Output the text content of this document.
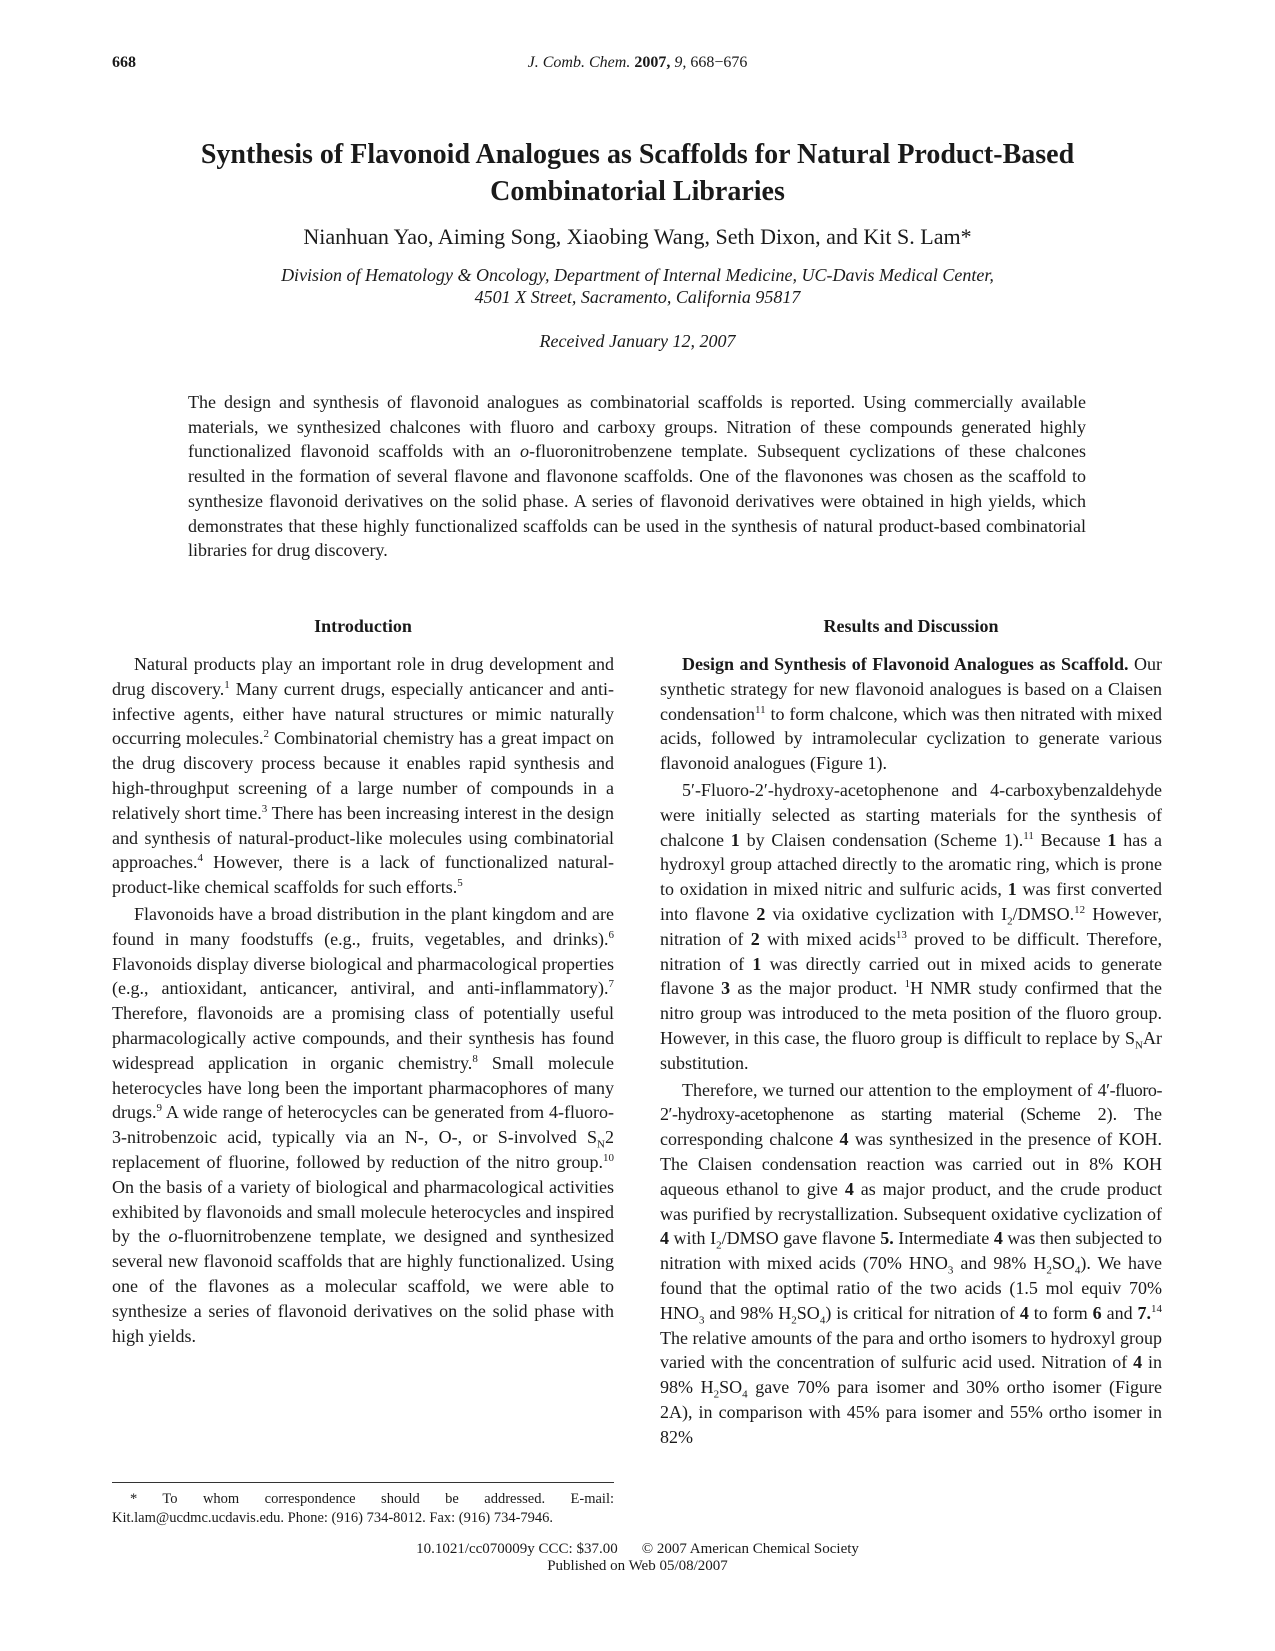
668	J. Comb. Chem. 2007, 9, 668−676
Synthesis of Flavonoid Analogues as Scaffolds for Natural Product-Based Combinatorial Libraries
Nianhuan Yao, Aiming Song, Xiaobing Wang, Seth Dixon, and Kit S. Lam*
Division of Hematology & Oncology, Department of Internal Medicine, UC-Davis Medical Center,
4501 X Street, Sacramento, California 95817
Received January 12, 2007

The design and synthesis of flavonoid analogues as combinatorial scaffolds is reported. Using commercially available materials, we synthesized chalcones with fluoro and carboxy groups. Nitration of these compounds generated highly functionalized flavonoid scaffolds with an o-fluoronitrobenzene template. Subsequent cyclizations of these chalcones resulted in the formation of several flavone and flavonone scaffolds. One of the flavonones was chosen as the scaffold to synthesize flavonoid derivatives on the solid phase. A series of flavonoid derivatives were obtained in high yields, which demonstrates that these highly functionalized scaffolds can be used in the synthesis of natural product-based combinatorial libraries for drug discovery.

Introduction

Natural products play an important role in drug development and drug discovery.$^1$ Many current drugs, especially anticancer and anti-infective agents, either have natural structures or mimic naturally occurring molecules.$^2$ Combinatorial chemistry has a great impact on the drug discovery process because it enables rapid synthesis and high-throughput screening of a large number of compounds in a relatively short time.$^3$ There has been increasing interest in the design and synthesis of natural-product-like molecules using combinatorial approaches.$^4$ However, there is a lack of functionalized natural-product-like chemical scaffolds for such efforts.$^5$

Flavonoids have a broad distribution in the plant kingdom and are found in many foodstuffs (e.g., fruits, vegetables, and drinks).$^6$ Flavonoids display diverse biological and pharmacological properties (e.g., antioxidant, anticancer, antiviral, and anti-inflammatory).$^7$ Therefore, flavonoids are a promising class of potentially useful pharmacologically active compounds, and their synthesis has found widespread application in organic chemistry.$^8$ Small molecule heterocycles have long been the important pharmacophores of many drugs.$^9$ A wide range of heterocycles can be generated from 4-fluoro-3-nitrobenzoic acid, typically via an N-, O-, or S-involved $S_N2$ replacement of fluorine, followed by reduction of the nitro group.$^{10}$ On the basis of a variety of biological and pharmacological activities exhibited by flavonoids and small molecule heterocycles and inspired by the o-fluornitrobenzene template, we designed and synthesized several new flavonoid scaffolds that are highly functionalized. Using one of the flavones as a molecular scaffold, we were able to synthesize a series of flavonoid derivatives on the solid phase with high yields.

Results and Discussion

Design and Synthesis of Flavonoid Analogues as Scaffold. Our synthetic strategy for new flavonoid analogues is based on a Claisen condensation$^{11}$ to form chalcone, which was then nitrated with mixed acids, followed by intramolecular cyclization to generate various flavonoid analogues (Figure 1).

5′-Fluoro-2′-hydroxy-acetophenone and 4-carboxybenzaldehyde were initially selected as starting materials for the synthesis of chalcone 1 by Claisen condensation (Scheme 1).$^{11}$ Because 1 has a hydroxyl group attached directly to the aromatic ring, which is prone to oxidation in mixed nitric and sulfuric acids, 1 was first converted into flavone 2 via oxidative cyclization with $I_2/DMSO.^{12}$ However, nitration of 2 with mixed acids$^{13}$ proved to be difficult. Therefore, nitration of 1 was directly carried out in mixed acids to generate flavone 3 as the major product. $^1$H NMR study confirmed that the nitro group was introduced to the meta position of the fluoro group. However, in this case, the fluoro group is difficult to replace by $S_NAr$ substitution.

Therefore, we turned our attention to the employment of 4′-fluoro-2′-hydroxy-acetophenone as starting material (Scheme 2). The corresponding chalcone 4 was synthesized in the presence of KOH. The Claisen condensation reaction was carried out in 8% KOH aqueous ethanol to give 4 as major product, and the crude product was purified by recrystallization. Subsequent oxidative cyclization of 4 with $I_2$/DMSO gave flavone 5. Intermediate 4 was then subjected to nitration with mixed acids (70% $HNO_3$ and 98% $H_2SO_4$). We have found that the optimal ratio of the two acids (1.5 mol equiv 70% $HNO_3$ and 98% $H_2SO_4$) is critical for nitration of 4 to form 6 and 7.14 The relative amounts of the para and ortho isomers to hydroxyl group varied with the concentration of sulfuric acid used. Nitration of 4 in 98% $H_2SO_4$ gave 70% para isomer and 30% ortho isomer (Figure 2A), in comparison with 45% para isomer and 55% ortho isomer in 82%

* To whom correspondence should be addressed. E-mail: Kit.lam@ucdmc.ucdavis.edu. Phone: (916) 734-8012. Fax: (916) 734-7946.

10.1021/cc070009y CCC: $37.00 © 2007 American Chemical Society
Published on Web 05/08/2007
